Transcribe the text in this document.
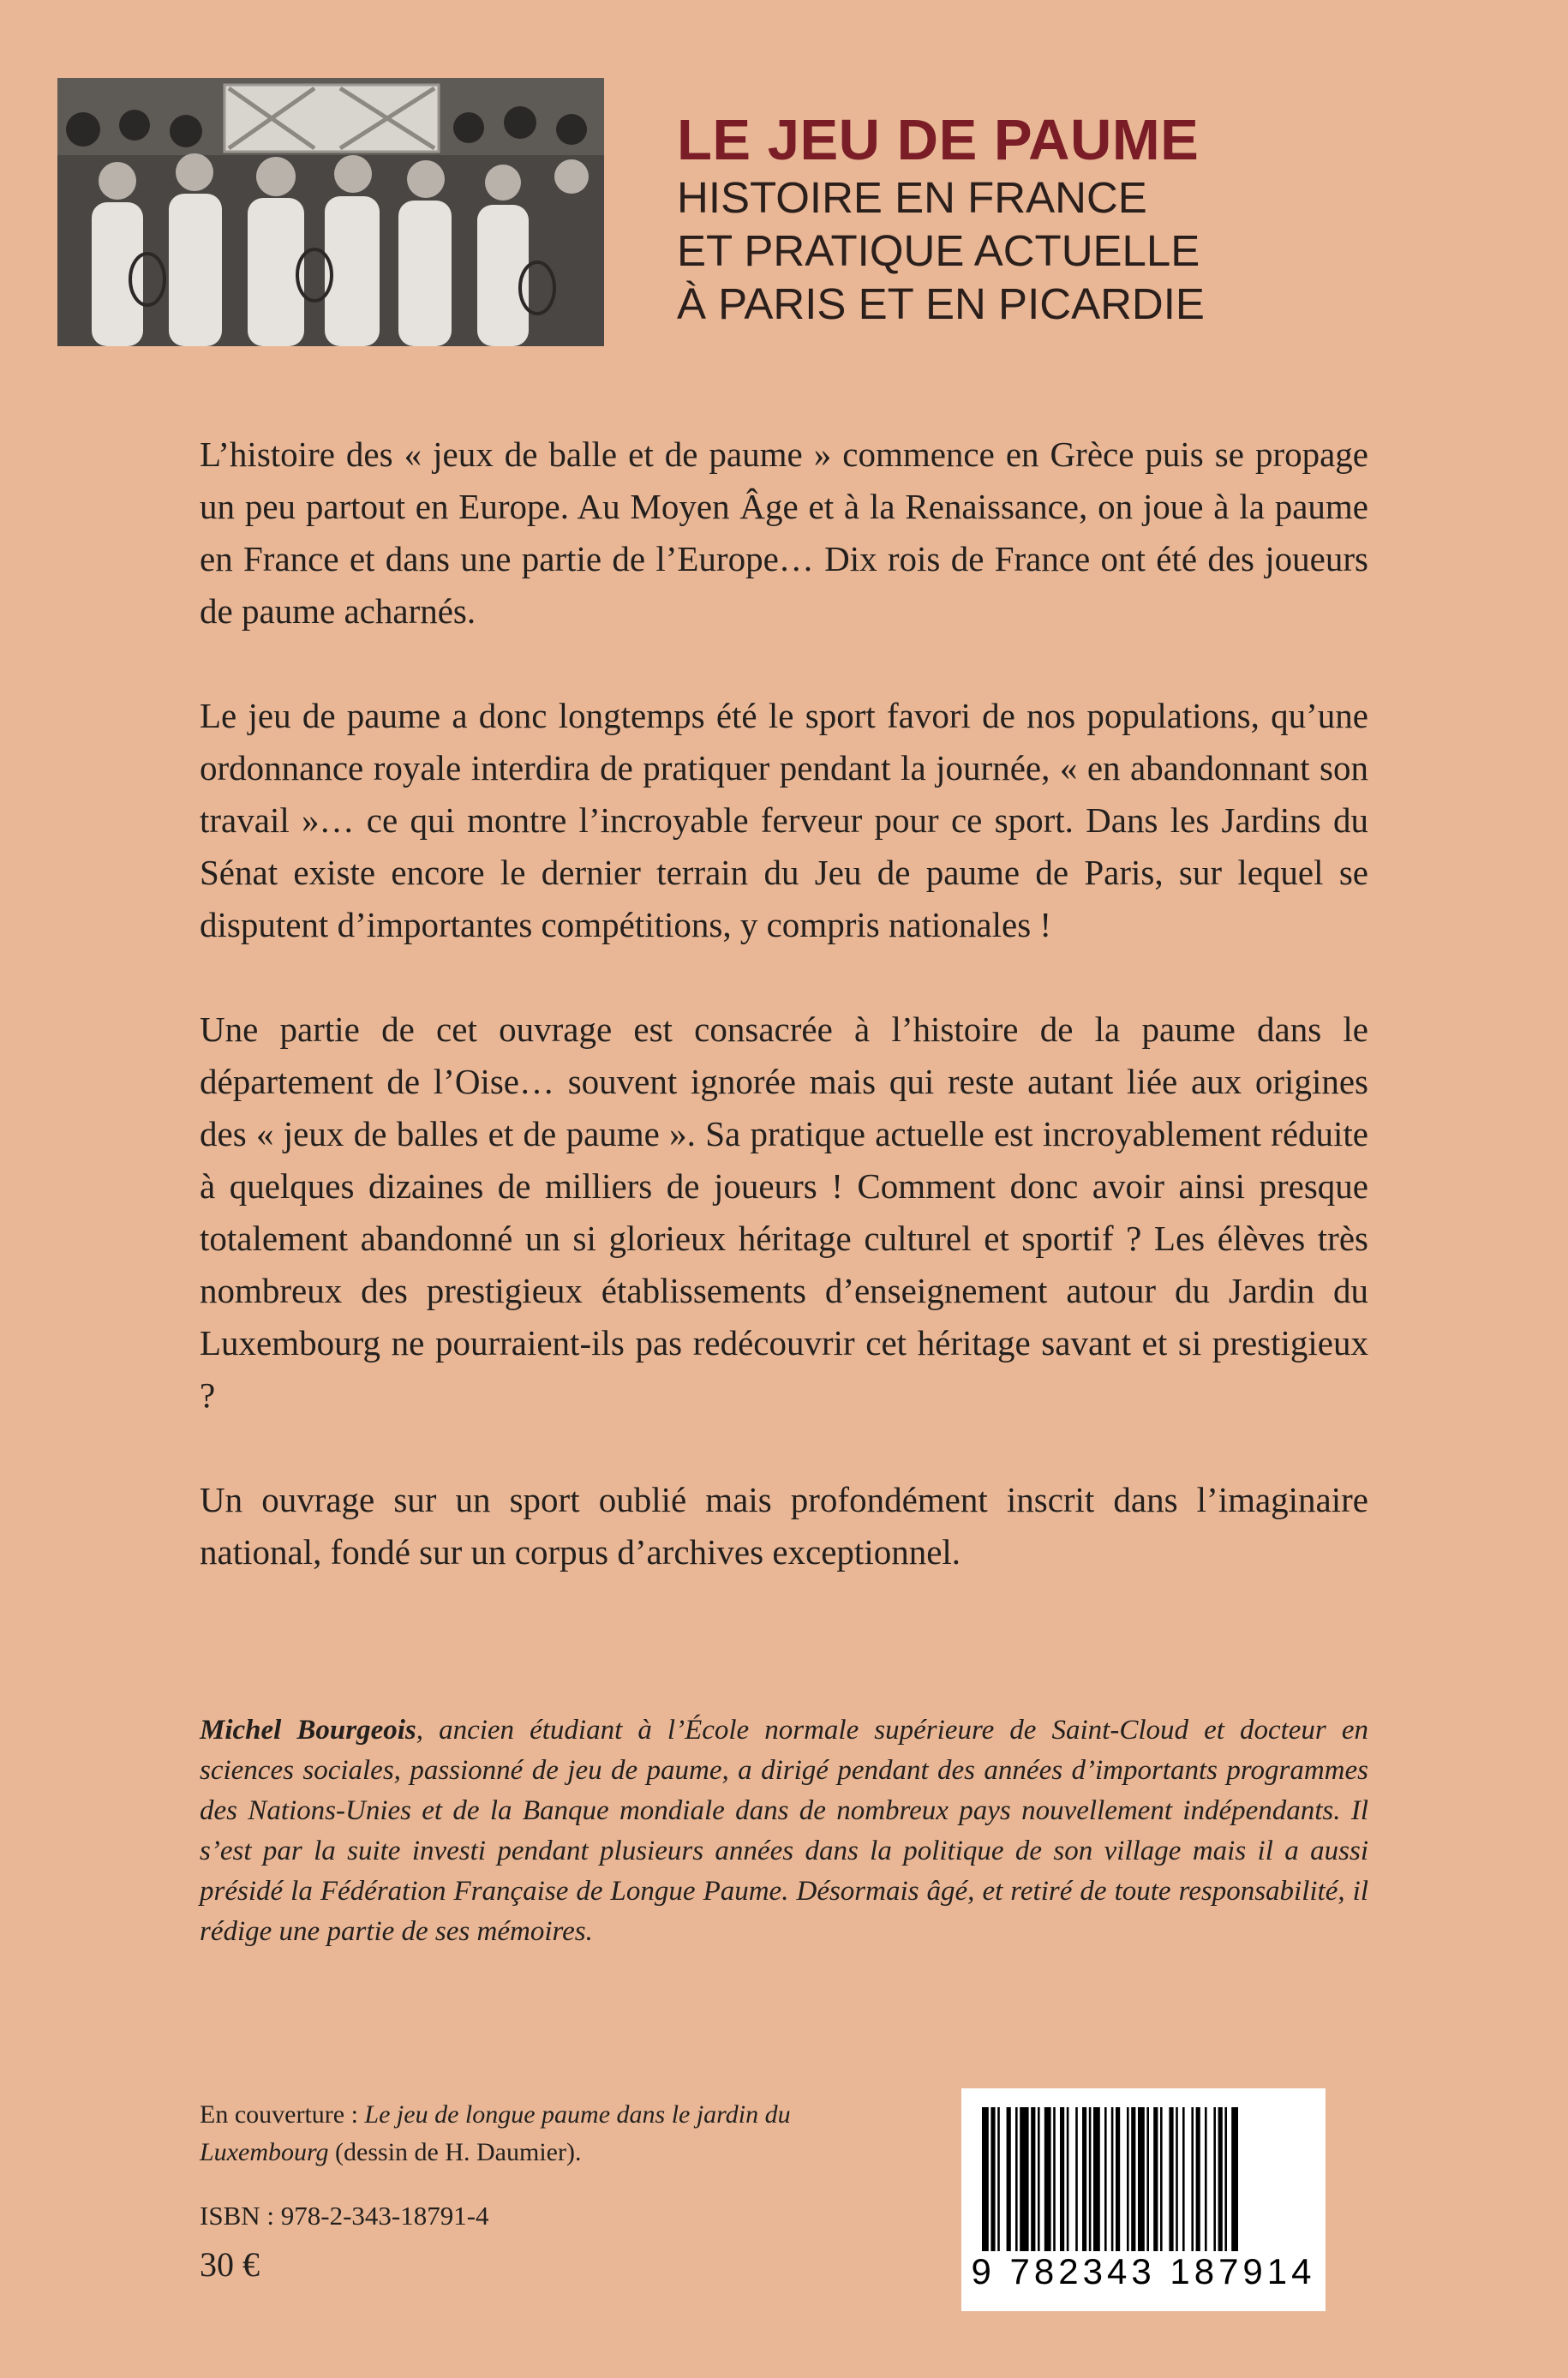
LE JEU DE PAUME

HISTOIRE EN FRANCE

ET PRATIQUE ACTUELLE

À PARIS ET EN PICARDIE

L’histoire des « jeux de balle et de paume » commence en Grèce puis se propage un peu partout en Europe. Au Moyen Âge et à la Renaissance, on joue à la paume en France et dans une partie de l’Europe… Dix rois de France ont été des joueurs de paume acharnés.

Le jeu de paume a donc longtemps été le sport favori de nos populations, qu’une ordonnance royale interdira de pratiquer pendant la journée, « en abandonnant son travail »… ce qui montre l’incroyable ferveur pour ce sport. Dans les Jardins du Sénat existe encore le dernier terrain du Jeu de paume de Paris, sur lequel se disputent d’importantes compétitions, y compris nationales !

Une partie de cet ouvrage est consacrée à l’histoire de la paume dans le département de l’Oise… souvent ignorée mais qui reste autant liée aux origines des « jeux de balles et de paume ». Sa pratique actuelle est incroyablement réduite à quelques dizaines de milliers de joueurs ! Comment donc avoir ainsi presque totalement abandonné un si glorieux héritage culturel et sportif ? Les élèves très nombreux des prestigieux établissements d’enseignement autour du Jardin du Luxembourg ne pourraient-ils pas redécouvrir cet héritage savant et si prestigieux ?

Un ouvrage sur un sport oublié mais profondément inscrit dans l’imaginaire national, fondé sur un corpus d’archives exceptionnel.

Michel Bourgeois, ancien étudiant à l’École normale supérieure de Saint-Cloud et docteur en sciences sociales, passionné de jeu de paume, a dirigé pendant des années d’importants programmes des Nations-Unies et de la Banque mondiale dans de nombreux pays nouvellement indépendants. Il s’est par la suite investi pendant plusieurs années dans la politique de son village mais il a aussi présidé la Fédération Française de Longue Paume. Désormais âgé, et retiré de toute responsabilité, il rédige une partie de ses mémoires.

En couverture : Le jeu de longue paume dans le jardin du Luxembourg (dessin de H. Daumier).

ISBN : 978-2-343-18791-4

30 €	9 782343 187914
